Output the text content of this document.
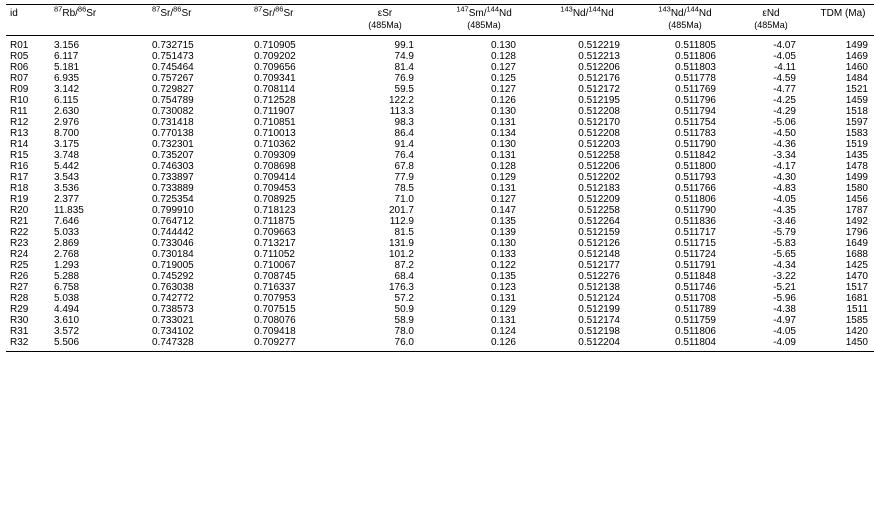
id	$^{87}$Rb/$^{86}$Sr	$^{87}$Sr/$^{86}$Sr	$^{87}$Sr/$^{86}$Sr	εSr	$^{147}$Sm/$^{144}$Nd	$^{143}$Nd/$^{144}$Nd	$^{143}$Nd/$^{144}$Nd	εNd	TDM (Ma)
				(485Ma)	(485Ma)		(485Ma)	(485Ma)	
R01	3.156	0.732715	0.710905	99.1	0.130	0.512219	0.511805	-4.07	1499
R05	6.117	0.751473	0.709202	74.9	0.128	0.512213	0.511806	-4.05	1469
R06	5.181	0.745464	0.709656	81.4	0.127	0.512206	0.511803	-4.11	1460
R07	6.935	0.757267	0.709341	76.9	0.125	0.512176	0.511778	-4.59	1484
R09	3.142	0.729827	0.708114	59.5	0.127	0.512172	0.511769	-4.77	1521
R10	6.115	0.754789	0.712528	122.2	0.126	0.512195	0.511796	-4.25	1459
R11	2.630	0.730082	0.711907	113.3	0.130	0.512208	0.511794	-4.29	1518
R12	2.976	0.731418	0.710851	98.3	0.131	0.512170	0.511754	-5.06	1597
R13	8.700	0.770138	0.710013	86.4	0.134	0.512208	0.511783	-4.50	1583
R14	3.175	0.732301	0.710362	91.4	0.130	0.512203	0.511790	-4.36	1519
R15	3.748	0.735207	0.709309	76.4	0.131	0.512258	0.511842	-3.34	1435
R16	5.442	0.746303	0.708698	67.8	0.128	0.512206	0.511800	-4.17	1478
R17	3.543	0.733897	0.709414	77.9	0.129	0.512202	0.511793	-4.30	1499
R18	3.536	0.733889	0.709453	78.5	0.131	0.512183	0.511766	-4.83	1580
R19	2.377	0.725354	0.708925	71.0	0.127	0.512209	0.511806	-4.05	1456
R20	11.835	0.799910	0.718123	201.7	0.147	0.512258	0.511790	-4.35	1787
R21	7.646	0.764712	0.711875	112.9	0.135	0.512264	0.511836	-3.46	1492
R22	5.033	0.744442	0.709663	81.5	0.139	0.512159	0.511717	-5.79	1796
R23	2.869	0.733046	0.713217	131.9	0.130	0.512126	0.511715	-5.83	1649
R24	2.768	0.730184	0.711052	101.2	0.133	0.512148	0.511724	-5.65	1688
R25	1.293	0.719005	0.710067	87.2	0.122	0.512177	0.511791	-4.34	1425
R26	5.288	0.745292	0.708745	68.4	0.135	0.512276	0.511848	-3.22	1470
R27	6.758	0.763038	0.716337	176.3	0.123	0.512138	0.511746	-5.21	1517
R28	5.038	0.742772	0.707953	57.2	0.131	0.512124	0.511708	-5.96	1681
R29	4.494	0.738573	0.707515	50.9	0.129	0.512199	0.511789	-4.38	1511
R30	3.610	0.733021	0.708076	58.9	0.131	0.512174	0.511759	-4.97	1585
R31	3.572	0.734102	0.709418	78.0	0.124	0.512198	0.511806	-4.05	1420
R32	5.506	0.747328	0.709277	76.0	0.126	0.512204	0.511804	-4.09	1450
